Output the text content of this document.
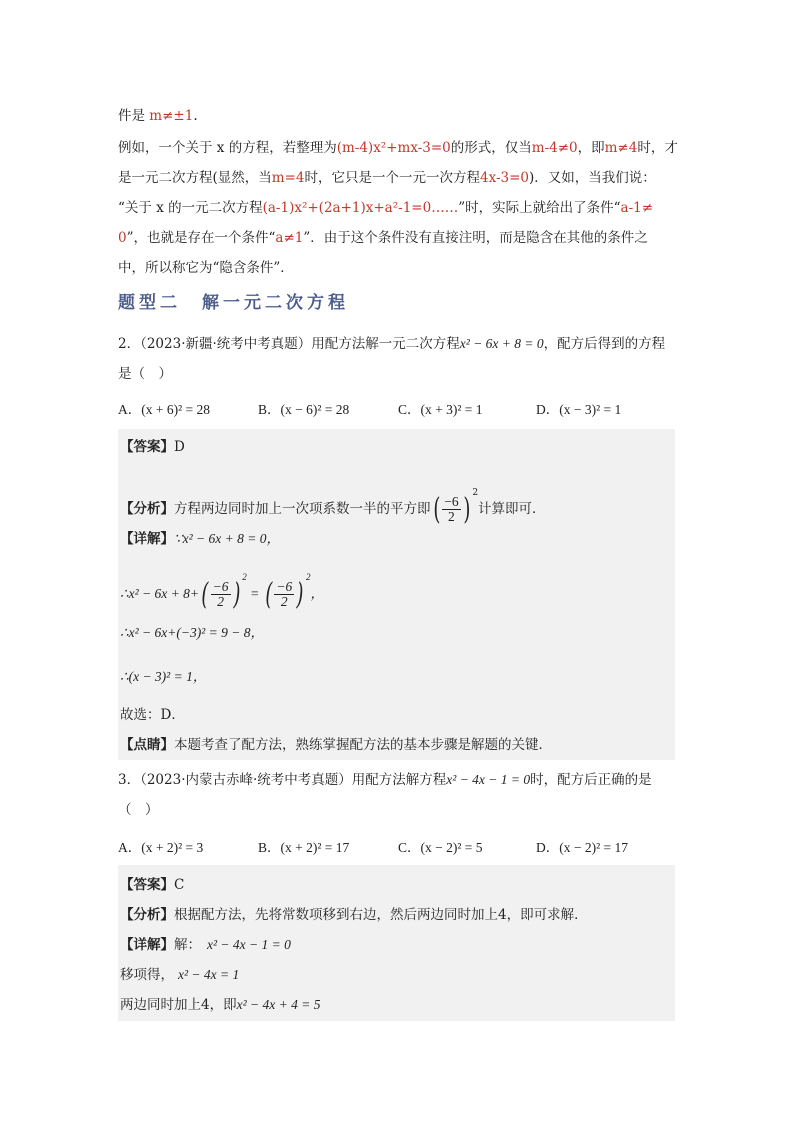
件是 m≠±1.
例如，一个关于 x 的方程，若整理为(m-4)x²+mx-3=0的形式，仅当m-4≠0，即m≠4时，才
是一元二次方程(显然，当m=4时，它只是一个一元一次方程4x-3=0)．又如，当我们说：
“关于 x 的一元二次方程(a-1)x²+(2a+1)x+a²-1=0……”时，实际上就给出了条件“a-1≠
0”，也就是存在一个条件“a≠1”．由于这个条件没有直接注明，而是隐含在其他的条件之
中，所以称它为“隐含条件”．
题型二　解一元二次方程
2．（2023·新疆·统考中考真题）用配方法解一元二次方程x² − 6x + 8 = 0，配方后得到的方程
是（　）
A．(x + 6)² = 28	B．(x − 6)² = 28	C．(x + 3)² = 1	D．(x − 3)² = 1
【答案】D
【分析】方程两边同时加上一次项系数一半的平方即( $\frac{-6}{2}$ ) $^2$计算即可．
【详解】∵x² − 6x + 8 = 0，
∴x² − $6x + 8+( \frac{-6}{2}$ ) $^2$ = ( $\frac{-6}{2}$ ) $^2$，
∴x² − 6x+(−3)² = 9 − 8，
∴(x − 3)² = 1，
故选：D．
【点睛】本题考查了配方法，熟练掌握配方法的基本步骤是解题的关键．
3．（2023·内蒙古赤峰·统考中考真题）用配方法解方程x² − 4x − 1 = 0时，配方后正确的是
（　）
A．(x + 2)² = 3	B．(x + 2)² = 17	C．(x − 2)² = 5	D．(x − 2)² = 17
【答案】C
【分析】根据配方法，先将常数项移到右边，然后两边同时加上4，即可求解．
【详解】解： x² − 4x − 1 = 0
移项得， x² − 4x = 1
两边同时加上4，即x² − 4x + 4 = 5
